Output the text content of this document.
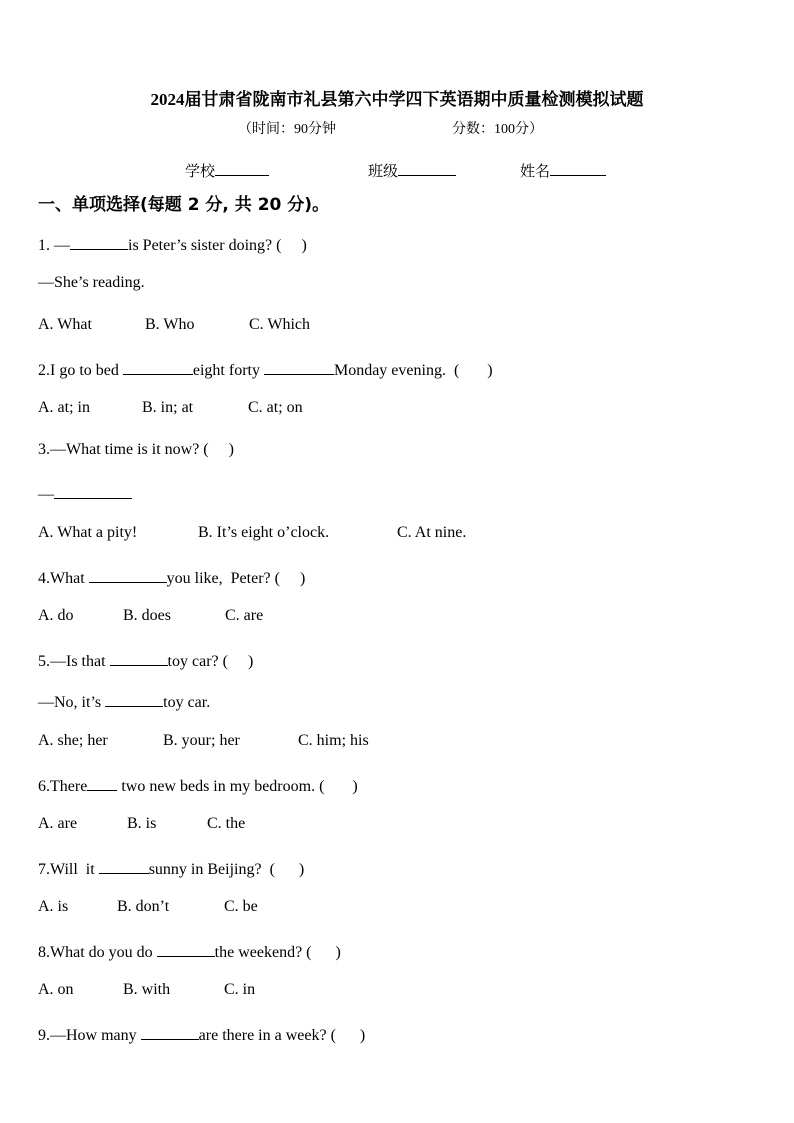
2024届甘肃省陇南市礼县第六中学四下英语期中质量检测模拟试题
（时间：90分钟	分数：100分）
学校	班级	姓名
一、单项选择(每题 2 分, 共 20 分)。
1. —	is Peter’s sister doing? (     )
—She’s reading.
A. What	B. Who	C. Which
2.I go to bed	eight forty	Monday evening.  (       )
A. at; in	B. in; at	C. at; on
3.—What time is it now? (     )
—
A. What a pity!	B. It’s eight o’clock.	C. At nine.
4.What	you like,  Peter? (     )
A. do	B. does	C. are
5.—Is that	toy car? (     )
—No, it’s	toy car.
A. she; her	B. your; her	C. him; his
6.There two new beds in my bedroom. (       )
A. are	B. is	C. the
7.Will  it	sunny in Beijing?  (      )
A. is	B. don’t	C. be
8.What do you do	the weekend? (      )
A. on	B. with	C. in
9.—How many	are there in a week? (      )
